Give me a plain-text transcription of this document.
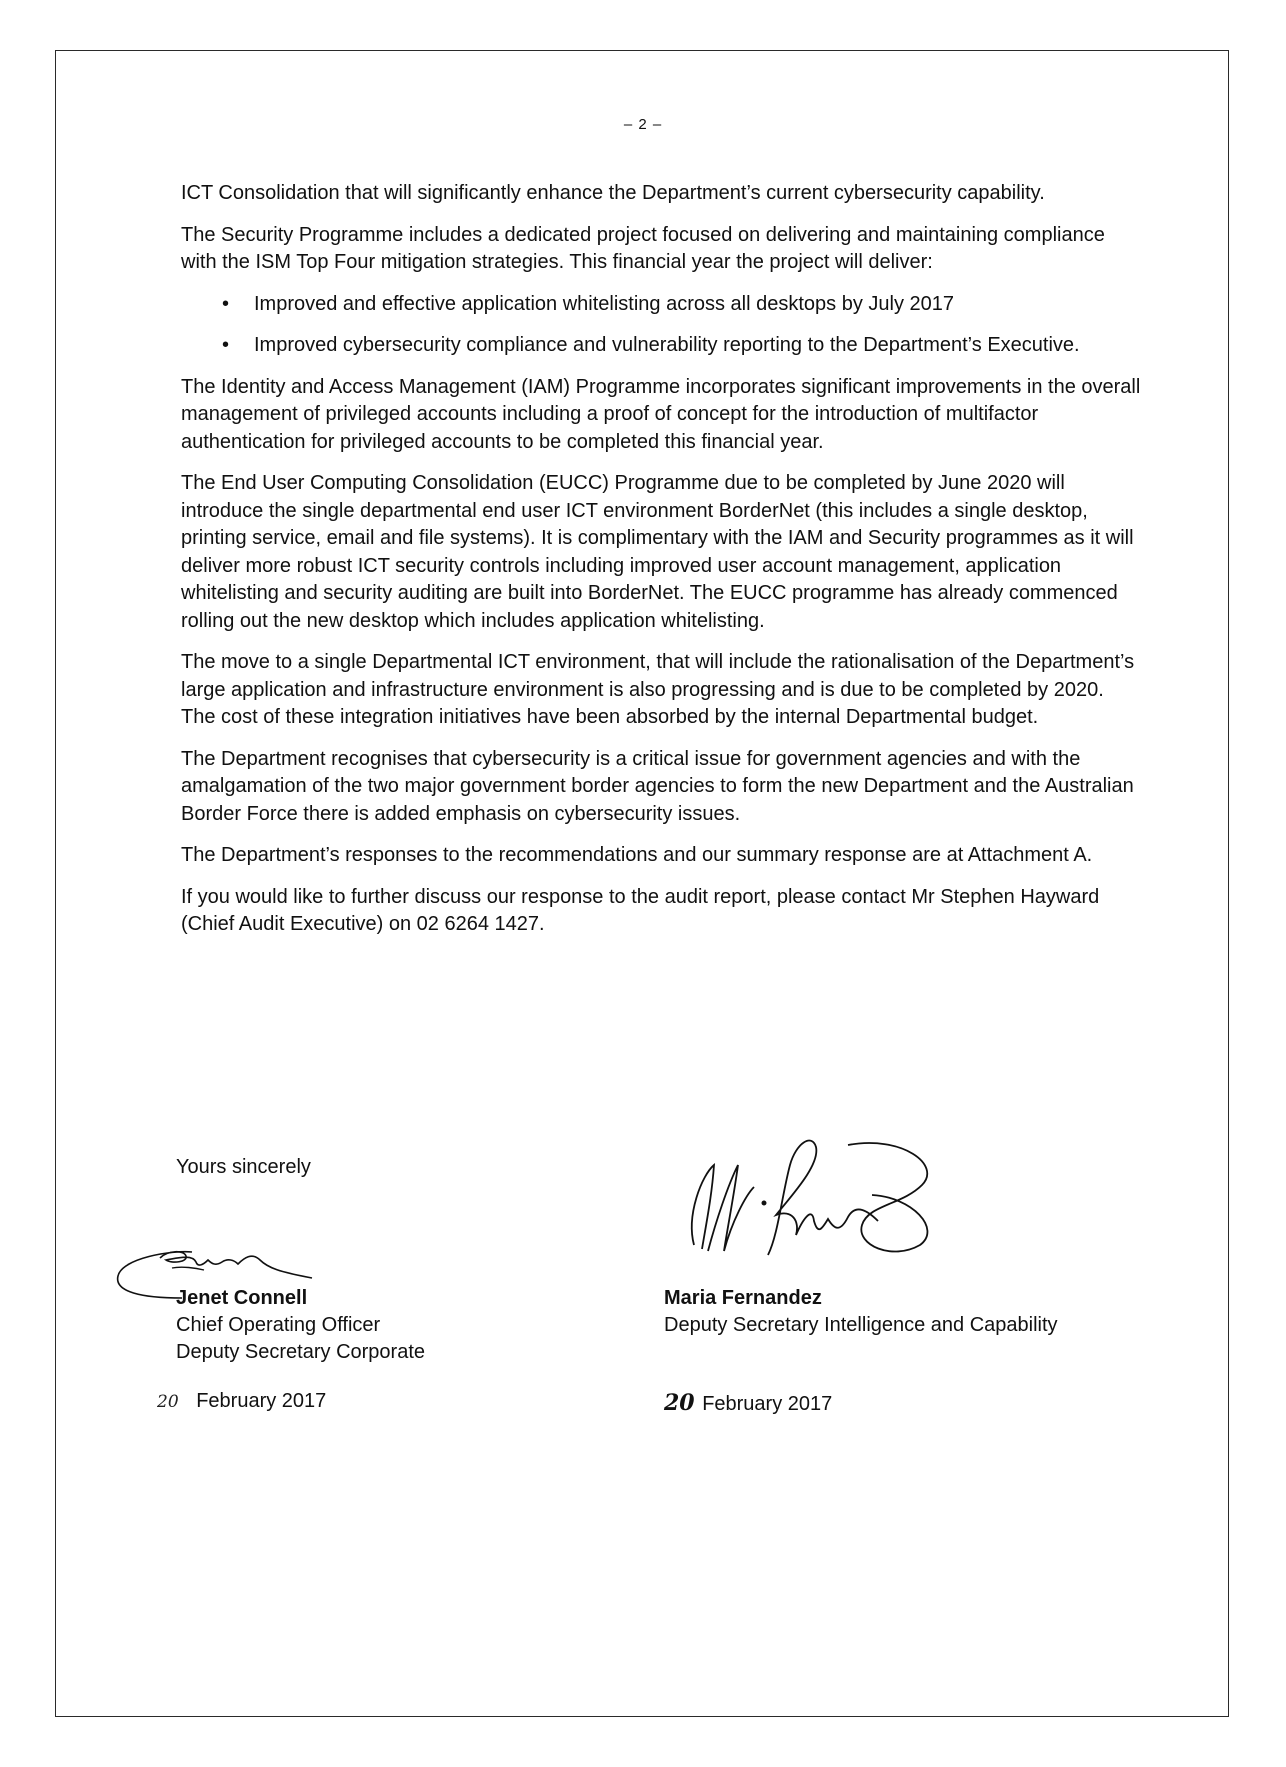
– 2 –

ICT Consolidation that will significantly enhance the Department’s current cybersecurity capability.

The Security Programme includes a dedicated project focused on delivering and maintaining compliance with the ISM Top Four mitigation strategies. This financial year the project will deliver:

• Improved and effective application whitelisting across all desktops by July 2017
• Improved cybersecurity compliance and vulnerability reporting to the Department’s Executive.

The Identity and Access Management (IAM) Programme incorporates significant improvements in the overall management of privileged accounts including a proof of concept for the introduction of multifactor authentication for privileged accounts to be completed this financial year.

The End User Computing Consolidation (EUCC) Programme due to be completed by June 2020 will introduce the single departmental end user ICT environment BorderNet (this includes a single desktop, printing service, email and file systems). It is complimentary with the IAM and Security programmes as it will deliver more robust ICT security controls including improved user account management, application whitelisting and security auditing are built into BorderNet. The EUCC programme has already commenced rolling out the new desktop which includes application whitelisting.

The move to a single Departmental ICT environment, that will include the rationalisation of the Department’s large application and infrastructure environment is also progressing and is due to be completed by 2020. The cost of these integration initiatives have been absorbed by the internal Departmental budget.

The Department recognises that cybersecurity is a critical issue for government agencies and with the amalgamation of the two major government border agencies to form the new Department and the Australian Border Force there is added emphasis on cybersecurity issues.

The Department’s responses to the recommendations and our summary response are at Attachment A.

If you would like to further discuss our response to the audit report, please contact Mr Stephen Hayward (Chief Audit Executive) on 02 6264 1427.

Yours sincerely
Jenet Connell
Chief Operating Officer
Deputy Secretary Corporate
Maria Fernandez
Deputy Secretary Intelligence and Capability
20 February 2017	20 February 2017
